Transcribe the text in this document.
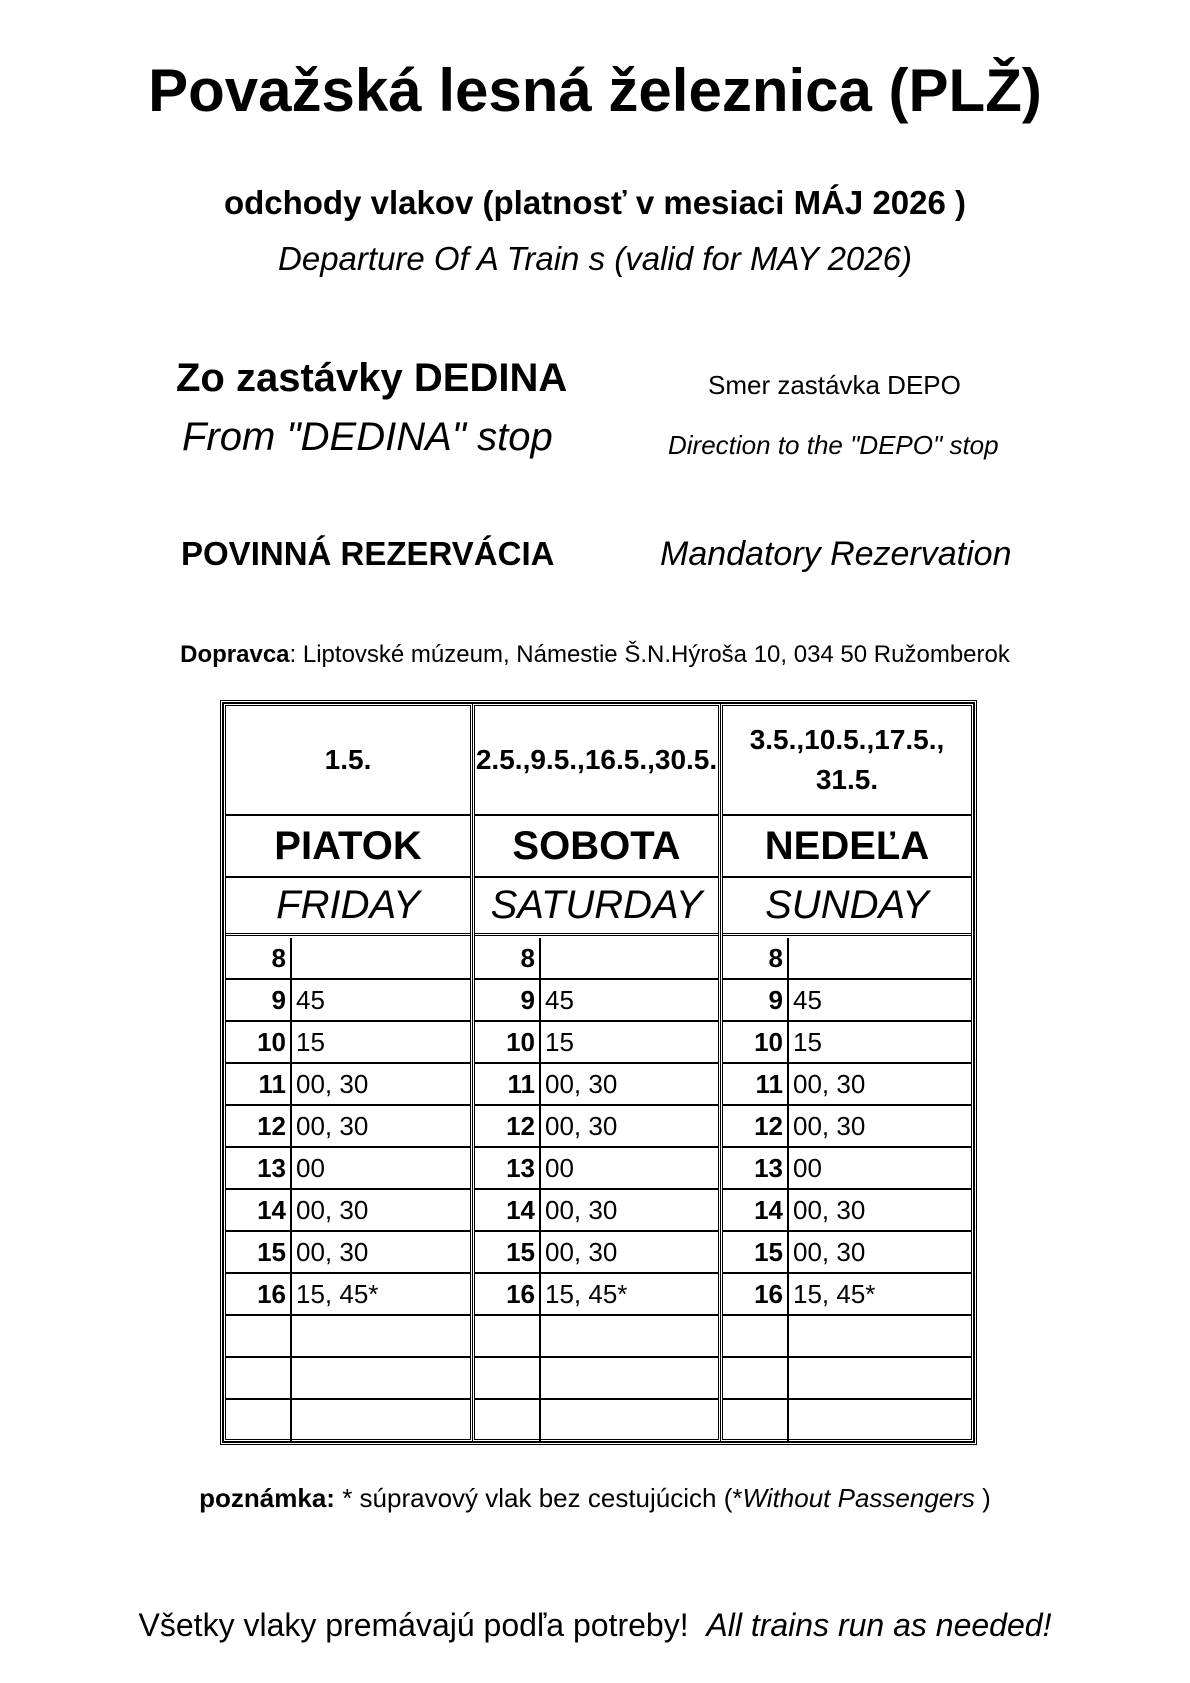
Považská lesná železnica (PLŽ)
odchody vlakov (platnosť v mesiaci MÁJ 2026 )
Departure Of A Train s (valid for MAY 2026)
Zo zastávky DEDINA
From "DEDINA" stop
Smer zastávka DEPO
Direction to the "DEPO" stop
POVINNÁ REZERVÁCIA	Mandatory Rezervation
Dopravca: Liptovské múzeum, Námestie Š.N.Hýroša 10, 034 50 Ružomberok
1.5.
PIATOK
FRIDAY
8
9 45
10 15
11 00, 30
12 00, 30
13 00
14 00, 30
15 00, 30
16 15, 45*
2.5.,9.5.,16.5.,30.5.
SOBOTA
SATURDAY
8
9 45
10 15
11 00, 30
12 00, 30
13 00
14 00, 30
15 00, 30
16 15, 45*
3.5.,10.5.,17.5., 31.5.
NEDEĽA
SUNDAY
8
9 45
10 15
11 00, 30
12 00, 30
13 00
14 00, 30
15 00, 30
16 15, 45*
poznámka: * súpravový vlak bez cestujúcich (*Without Passengers )
Všetky vlaky premávajú podľa potreby! All trains run as needed!
